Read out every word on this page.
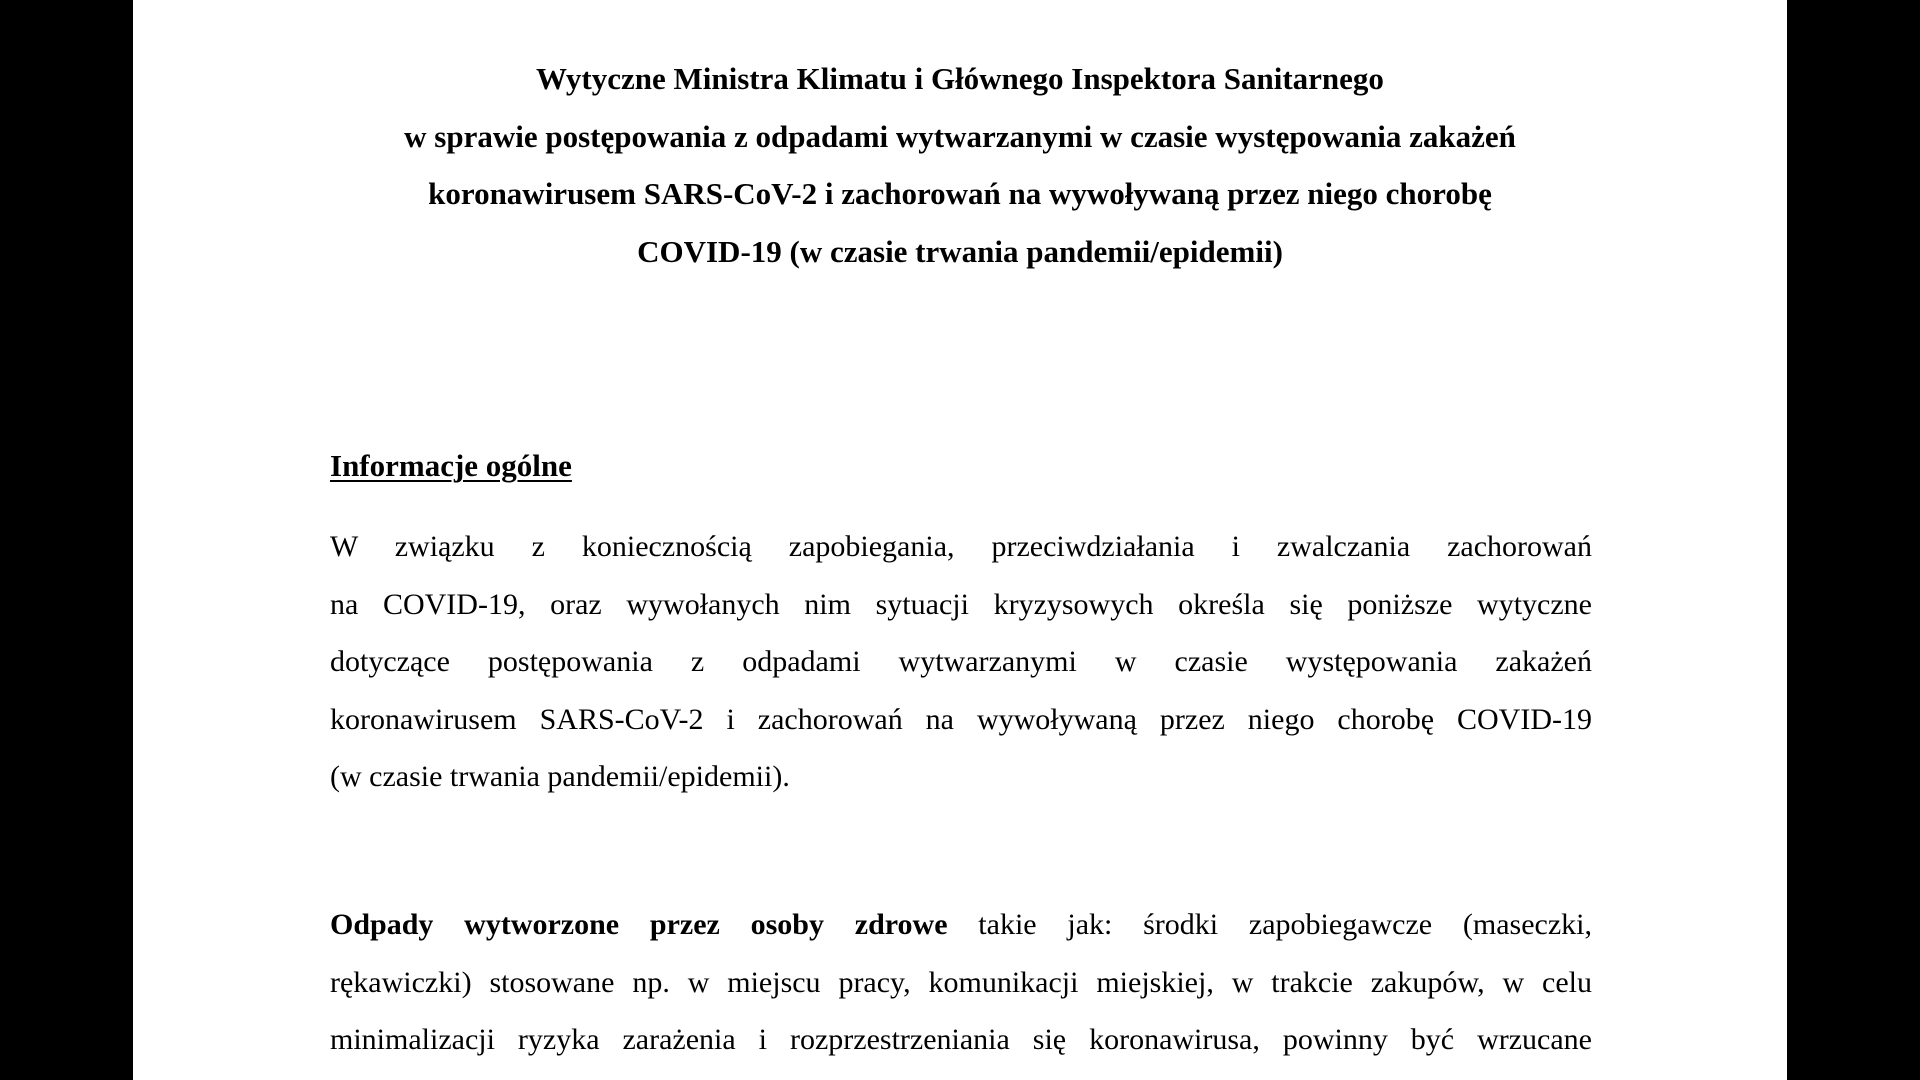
Wytyczne Ministra Klimatu i Głównego Inspektora Sanitarnego
w sprawie postępowania z odpadami wytwarzanymi w czasie występowania zakażeń
koronawirusem SARS-CoV-2 i zachorowań na wywoływaną przez niego chorobę
COVID-19 (w czasie trwania pandemii/epidemii)
Informacje ogólne
W związku z koniecznością zapobiegania, przeciwdziałania i zwalczania zachorowań
na COVID-19, oraz wywołanych nim sytuacji kryzysowych określa się poniższe wytyczne
dotyczące postępowania z odpadami wytwarzanymi w czasie występowania zakażeń
koronawirusem SARS-CoV-2 i zachorowań na wywoływaną przez niego chorobę COVID-19
(w czasie trwania pandemii/epidemii).
Odpady wytworzone przez osoby zdrowe takie jak: środki zapobiegawcze (maseczki,
rękawiczki) stosowane np. w miejscu pracy, komunikacji miejskiej, w trakcie zakupów, w celu
minimalizacji ryzyka zarażenia i rozprzestrzeniania się koronawirusa, powinny być wrzucane
